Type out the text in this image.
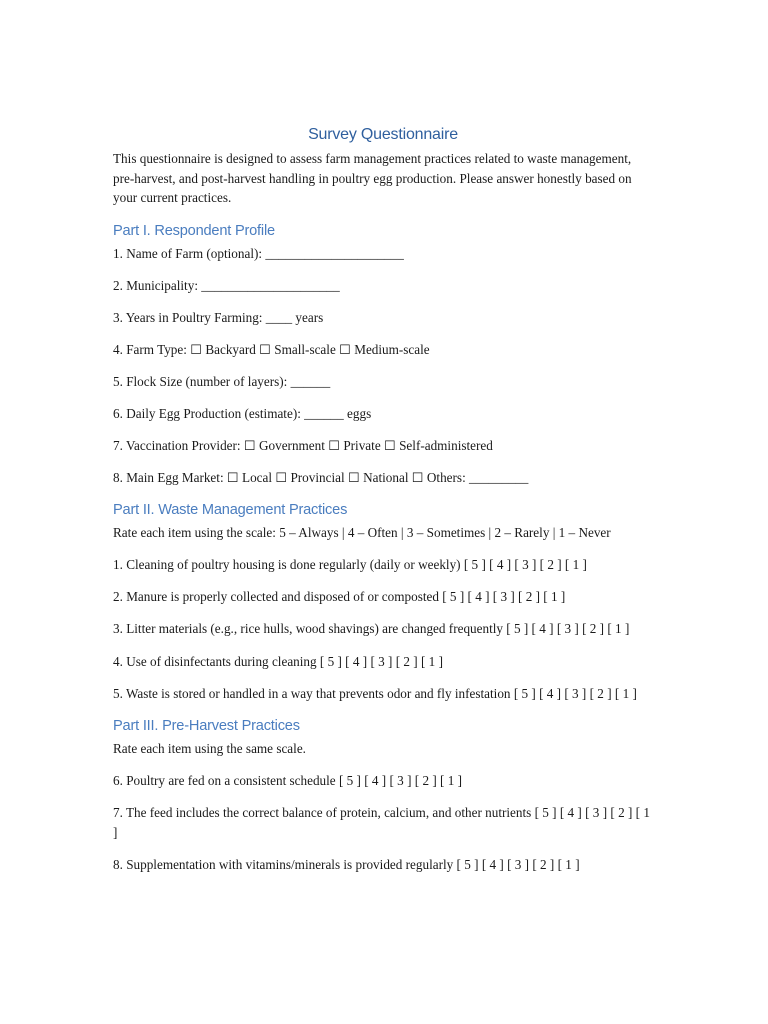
Survey Questionnaire

This questionnaire is designed to assess farm management practices related to waste management, pre-harvest, and post-harvest handling in poultry egg production. Please answer honestly based on your current practices.

Part I. Respondent Profile

1. Name of Farm (optional): _____________________

2. Municipality: _____________________

3. Years in Poultry Farming: ____ years

4. Farm Type: ☐ Backyard ☐ Small-scale ☐ Medium-scale

5. Flock Size (number of layers): ______

6. Daily Egg Production (estimate): ______ eggs

7. Vaccination Provider: ☐ Government ☐ Private ☐ Self-administered

8. Main Egg Market: ☐ Local ☐ Provincial ☐ National ☐ Others: _________

Part II. Waste Management Practices

Rate each item using the scale: 5 – Always | 4 – Often | 3 – Sometimes | 2 – Rarely | 1 – Never

1. Cleaning of poultry housing is done regularly (daily or weekly) [ 5 ] [ 4 ] [ 3 ] [ 2 ] [ 1 ]

2. Manure is properly collected and disposed of or composted [ 5 ] [ 4 ] [ 3 ] [ 2 ] [ 1 ]

3. Litter materials (e.g., rice hulls, wood shavings) are changed frequently [ 5 ] [ 4 ] [ 3 ] [ 2 ] [ 1 ]

4. Use of disinfectants during cleaning [ 5 ] [ 4 ] [ 3 ] [ 2 ] [ 1 ]

5. Waste is stored or handled in a way that prevents odor and fly infestation [ 5 ] [ 4 ] [ 3 ] [ 2 ] [ 1 ]

Part III. Pre-Harvest Practices

Rate each item using the same scale.

6. Poultry are fed on a consistent schedule [ 5 ] [ 4 ] [ 3 ] [ 2 ] [ 1 ]

7. The feed includes the correct balance of protein, calcium, and other nutrients [ 5 ] [ 4 ] [ 3 ] [ 2 ] [ 1 ]

8. Supplementation with vitamins/minerals is provided regularly [ 5 ] [ 4 ] [ 3 ] [ 2 ] [ 1 ]
